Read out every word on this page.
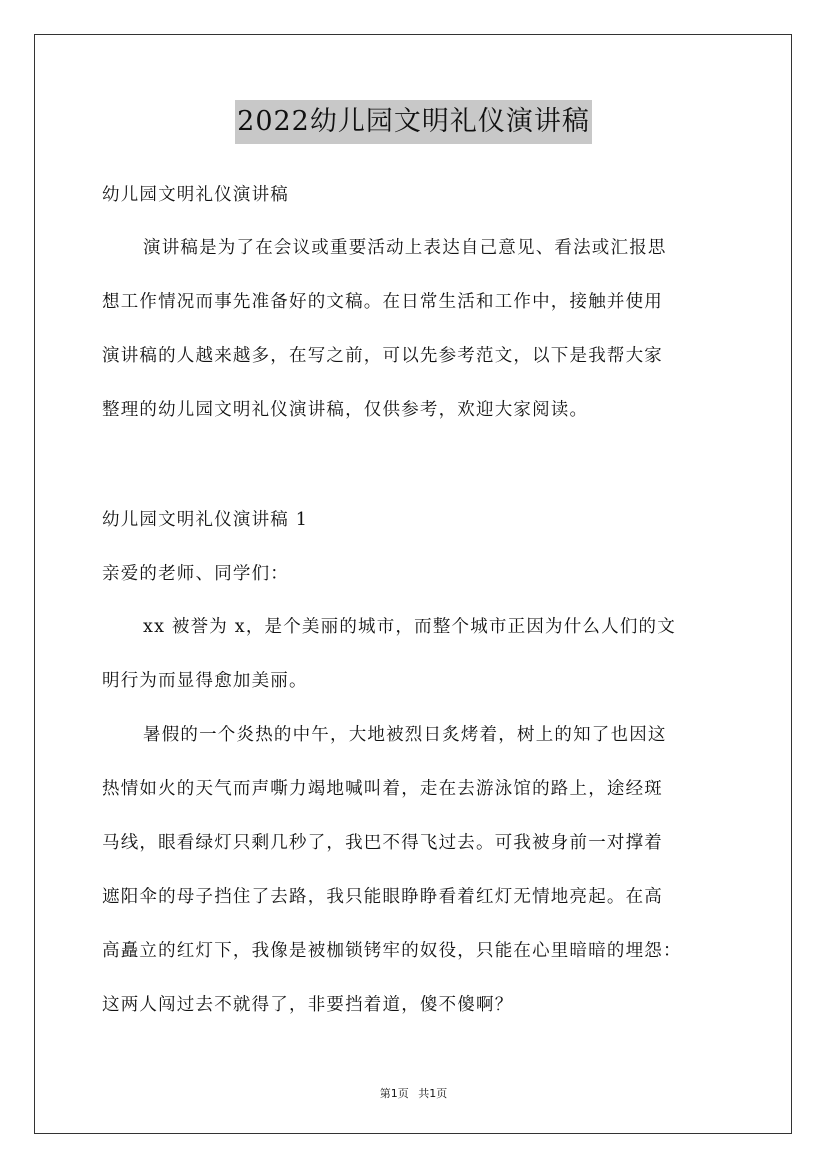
2022幼儿园文明礼仪演讲稿
幼儿园文明礼仪演讲稿
演讲稿是为了在会议或重要活动上表达自己意见、看法或汇报思
想工作情况而事先准备好的文稿。在日常生活和工作中，接触并使用
演讲稿的人越来越多，在写之前，可以先参考范文，以下是我帮大家
整理的幼儿园文明礼仪演讲稿，仅供参考，欢迎大家阅读。
幼儿园文明礼仪演讲稿 1
亲爱的老师、同学们：
xx 被誉为 x，是个美丽的城市，而整个城市正因为什么人们的文
明行为而显得愈加美丽。
暑假的一个炎热的中午，大地被烈日炙烤着，树上的知了也因这
热情如火的天气而声嘶力竭地喊叫着，走在去游泳馆的路上，途经斑
马线，眼看绿灯只剩几秒了，我巴不得飞过去。可我被身前一对撑着
遮阳伞的母子挡住了去路，我只能眼睁睁看着红灯无情地亮起。在高
高矗立的红灯下，我像是被枷锁铐牢的奴役，只能在心里暗暗的埋怨：
这两人闯过去不就得了，非要挡着道，傻不傻啊？
第1页 共1页
